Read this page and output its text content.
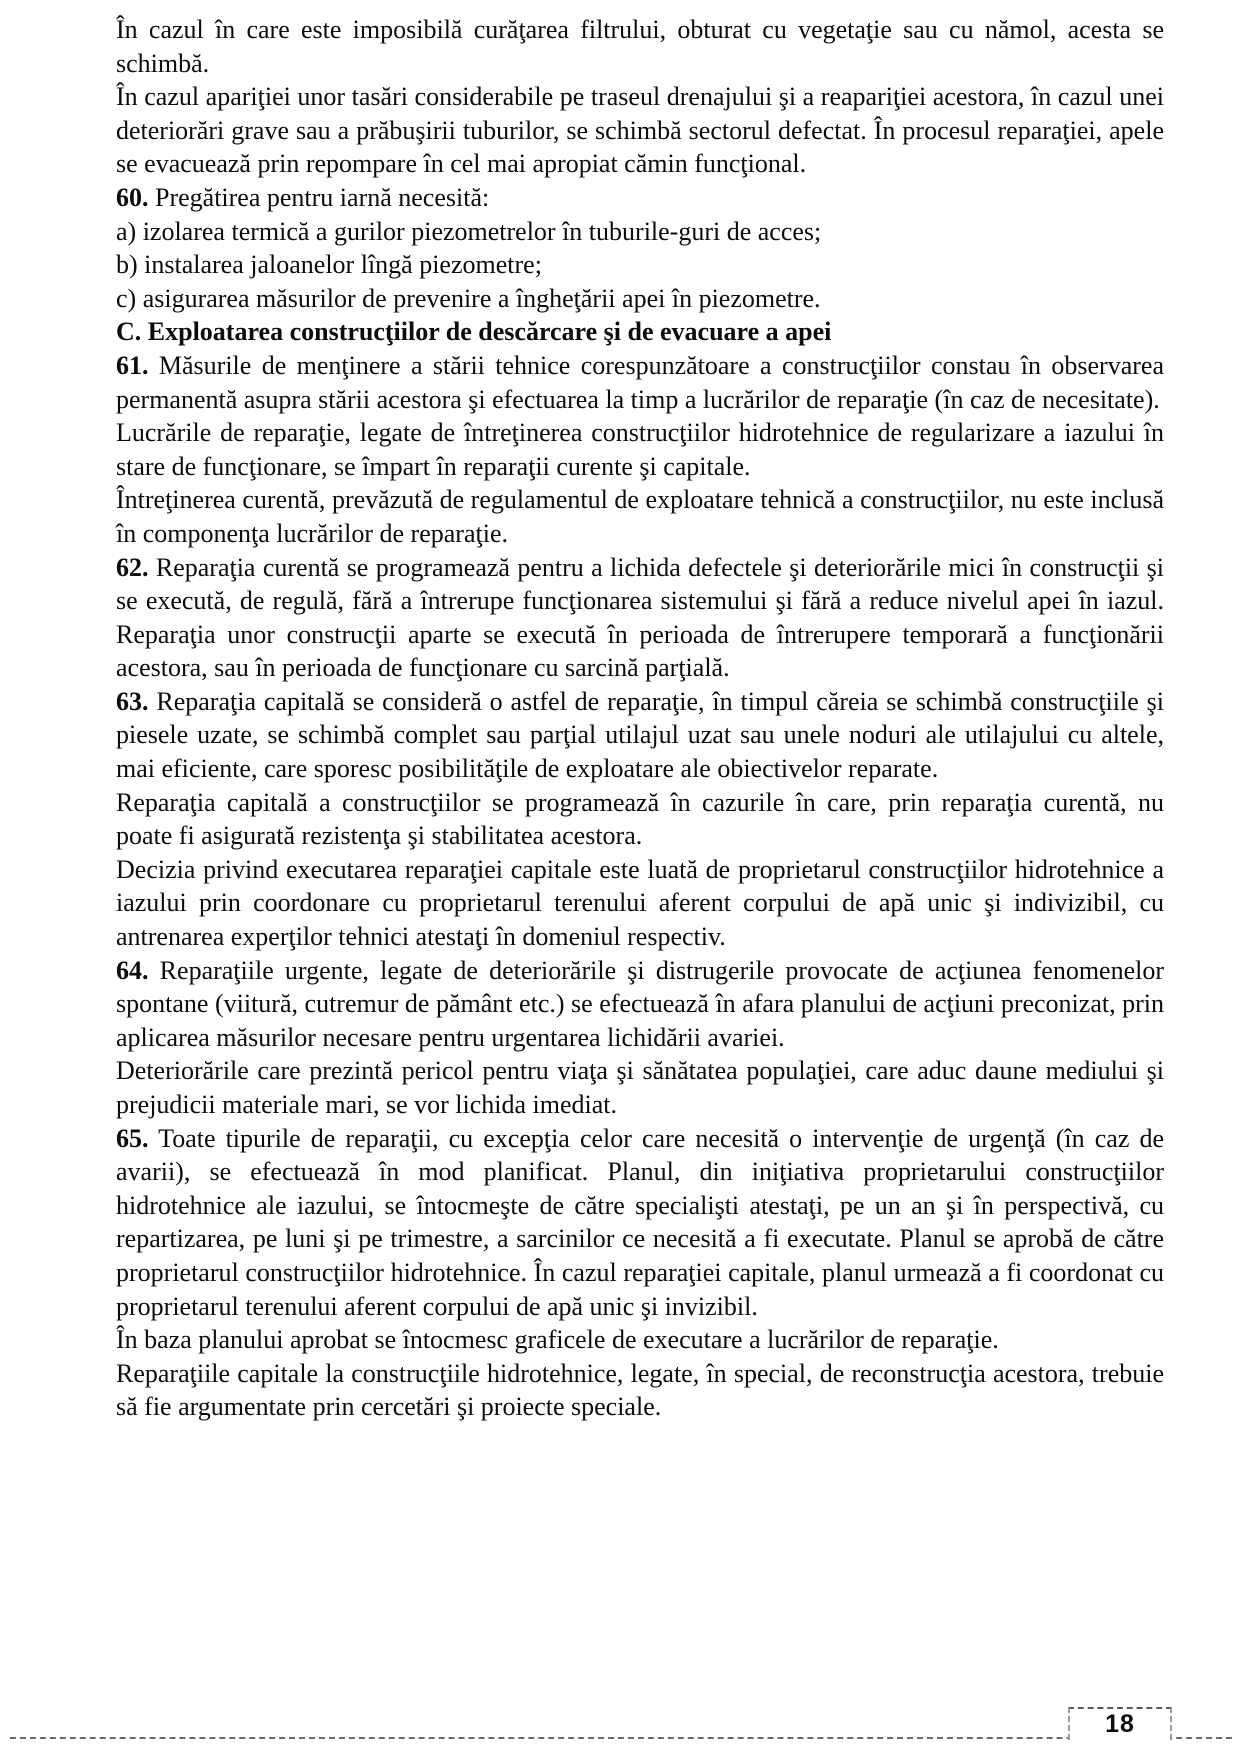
În cazul în care este imposibilă curăţarea filtrului, obturat cu vegetaţie sau cu nămol, acesta se schimbă.

În cazul apariţiei unor tasări considerabile pe traseul drenajului şi a reapariţiei acestora, în cazul unei deteriorări grave sau a prăbuşirii tuburilor, se schimbă sectorul defectat. În procesul reparaţiei, apele se evacuează prin repompare în cel mai apropiat cămin funcţional.

60. Pregătirea pentru iarnă necesită:

a) izolarea termică a gurilor piezometrelor în tuburile-guri de acces;

b) instalarea jaloanelor lîngă piezometre;

c) asigurarea măsurilor de prevenire a îngheţării apei în piezometre.

C. Exploatarea construcţiilor de descărcare şi de evacuare a apei

61. Măsurile de menţinere a stării tehnice corespunzătoare a construcţiilor constau în observarea permanentă asupra stării acestora şi efectuarea la timp a lucrărilor de reparaţie (în caz de necesitate).

Lucrările de reparaţie, legate de întreţinerea construcţiilor hidrotehnice de regularizare a iazului în stare de funcţionare, se împart în reparaţii curente şi capitale.

Întreţinerea curentă, prevăzută de regulamentul de exploatare tehnică a construcţiilor, nu este inclusă în componenţa lucrărilor de reparaţie.

62. Reparaţia curentă se programează pentru a lichida defectele şi deteriorările mici în construcţii şi se execută, de regulă, fără a întrerupe funcţionarea sistemului şi fără a reduce nivelul apei în iazul. Reparaţia unor construcţii aparte se execută în perioada de întrerupere temporară a funcţionării acestora, sau în perioada de funcţionare cu sarcină parţială.

63. Reparaţia capitală se consideră o astfel de reparaţie, în timpul căreia se schimbă construcţiile şi piesele uzate, se schimbă complet sau parţial utilajul uzat sau unele noduri ale utilajului cu altele, mai eficiente, care sporesc posibilităţile de exploatare ale obiectivelor reparate.

Reparaţia capitală a construcţiilor se programează în cazurile în care, prin reparaţia curentă, nu poate fi asigurată rezistenţa şi stabilitatea acestora.

Decizia privind executarea reparaţiei capitale este luată de proprietarul construcţiilor hidrotehnice a iazului prin coordonare cu proprietarul terenului aferent corpului de apă unic şi indivizibil, cu antrenarea experţilor tehnici atestaţi în domeniul respectiv.

64. Reparaţiile urgente, legate de deteriorările şi distrugerile provocate de acţiunea fenomenelor spontane (viitură, cutremur de pământ etc.) se efectuează în afara planului de acţiuni preconizat, prin aplicarea măsurilor necesare pentru urgentarea lichidării avariei.

Deteriorările care prezintă pericol pentru viaţa şi sănătatea populaţiei, care aduc daune mediului şi prejudicii materiale mari, se vor lichida imediat.

65. Toate tipurile de reparaţii, cu excepţia celor care necesită o intervenţie de urgenţă (în caz de avarii), se efectuează în mod planificat. Planul, din iniţiativa proprietarului construcţiilor hidrotehnice ale iazului, se întocmeşte de către specialişti atestaţi, pe un an şi în perspectivă, cu repartizarea, pe luni şi pe trimestre, a sarcinilor ce necesită a fi executate. Planul se aprobă de către proprietarul construcţiilor hidrotehnice. În cazul reparaţiei capitale, planul urmează a fi coordonat cu proprietarul terenului aferent corpului de apă unic şi invizibil.

În baza planului aprobat se întocmesc graficele de executare a lucrărilor de reparaţie.

Reparaţiile capitale la construcţiile hidrotehnice, legate, în special, de reconstrucţia acestora, trebuie să fie argumentate prin cercetări şi proiecte speciale.

18
